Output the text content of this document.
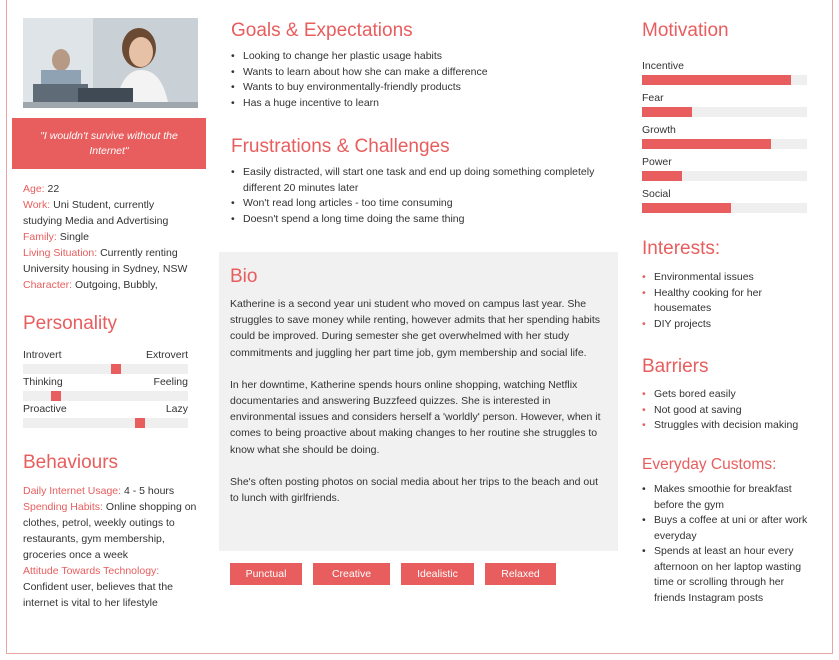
"I wouldn't survive without the Internet"
Age: 22
Work: Uni Student, currently studying Media and Advertising
Family: Single
Living Situation: Currently renting University housing in Sydney, NSW
Character: Outgoing, Bubbly,
Personality
Introvert	Extrovert
Thinking	Feeling
Proactive	Lazy
Behaviours
Daily Internet Usage: 4 - 5 hours
Spending Habits: Online shopping on clothes, petrol, weekly outings to restaurants, gym membership, groceries once a week
Attitude Towards Technology: Confident user, believes that the internet is vital to her lifestyle
Goals & Expectations
• Looking to change her plastic usage habits
• Wants to learn about how she can make a difference
• Wants to buy environmentally-friendly products
• Has a huge incentive to learn
Frustrations & Challenges
• Easily distracted, will start one task and end up doing something completely different 20 minutes later
• Won't read long articles - too time consuming
• Doesn't spend a long time doing the same thing
Bio

Katherine is a second year uni student who moved on campus last year. She struggles to save money while renting, however admits that her spending habits could be improved. During semester she get overwhelmed with her study commitments and juggling her part time job, gym membership and social life.

In her downtime, Katherine spends hours online shopping, watching Netflix documentaries and answering Buzzfeed quizzes. She is interested in environmental issues and considers herself a 'worldly' person. However, when it comes to being proactive about making changes to her routine she struggles to know what she should be doing.

She's often posting photos on social media about her trips to the beach and out to lunch with girlfriends.

Punctual	Creative	Idealistic	Relaxed
Motivation
Incentive
Fear
Growth
Power
Social
Interests:
• Environmental issues
• Healthy cooking for her housemates
• DIY projects
Barriers
• Gets bored easily
• Not good at saving
• Struggles with decision making
Everyday Customs:
• Makes smoothie for breakfast before the gym
• Buys a coffee at uni or after work everyday
• Spends at least an hour every afternoon on her laptop wasting time or scrolling through her friends Instagram posts
